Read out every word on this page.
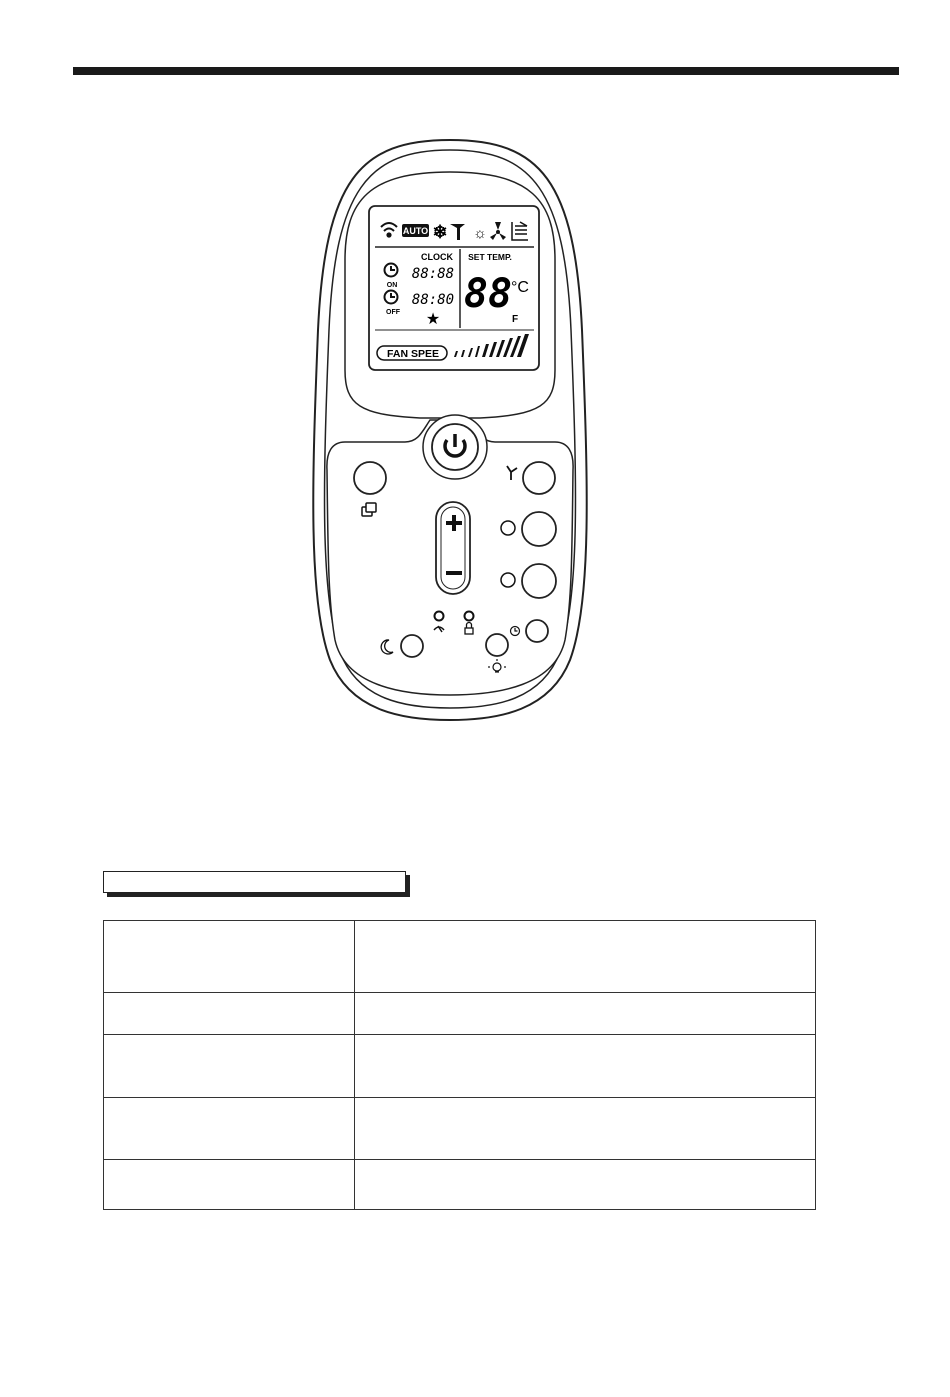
AUTO ❄ ☼
CLOCK SET TEMP.
ON
OFF
88:88
88:80
★
88
°C
F
FAN SPEE
